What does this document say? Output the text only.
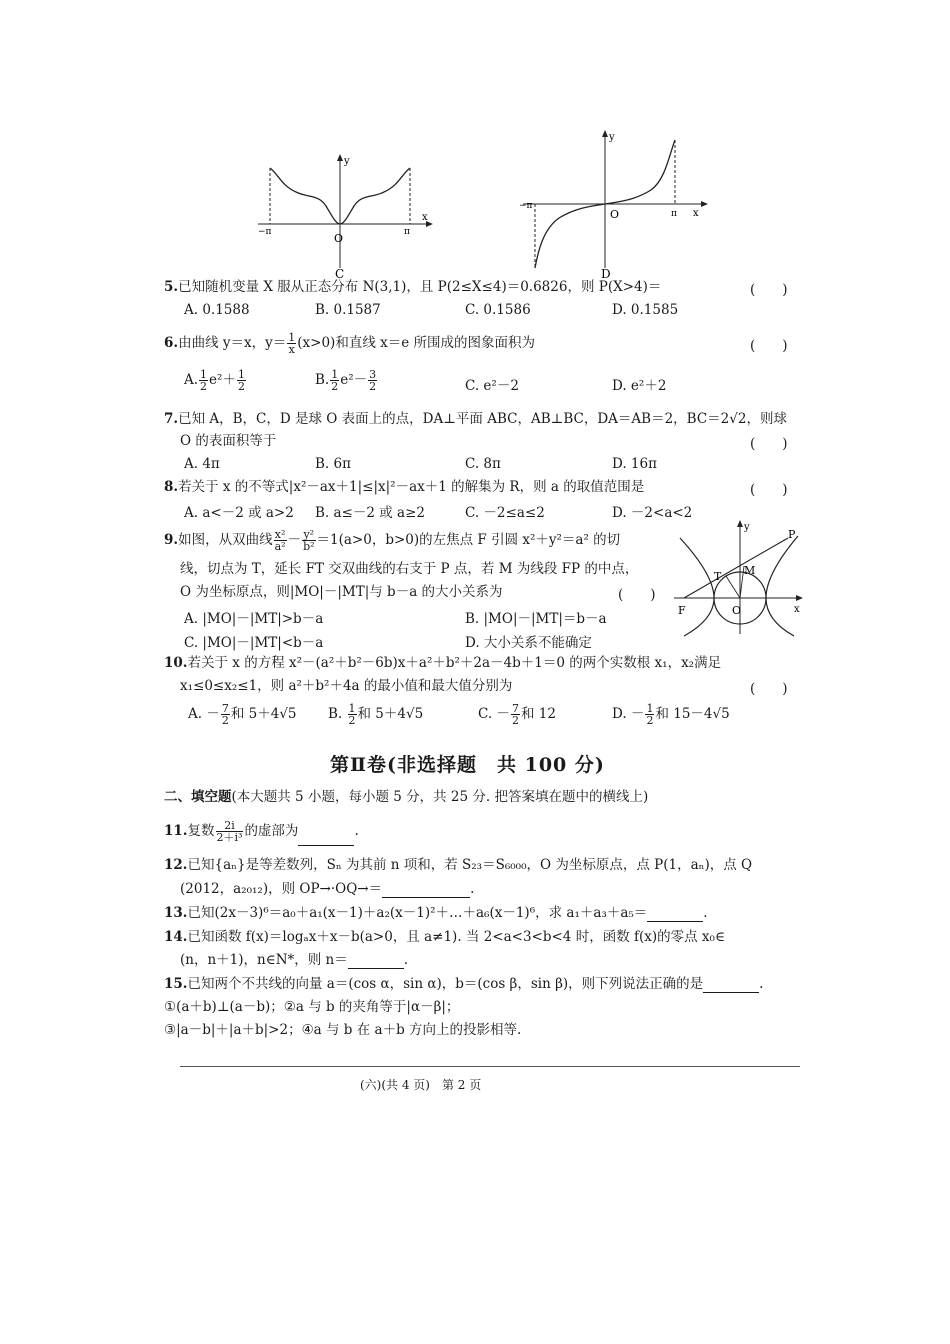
y
x
O
−π	π
C
y
x
O
−π
π
D
5.已知随机变量 X 服从正态分布 N(3,1)，且 P(2≤X≤4)＝0.6826，则 P(X>4)＝	(　　)
A. 0.1588	B. 0.1587	C. 0.1586	D. 0.1585
6.由曲线 y＝x，$y= \frac{1}{x} (x>0)$和直线 x＝e 所围成的图象面积为	(　　)
A. $\frac{1}{2} e^2+ \frac{1}{2}$	B. $\frac{1}{2} e^2- \frac{3}{2}$	C. e²－2	D. e²＋2
7.已知 A，B，C，D 是球 O 表面上的点，DA⊥平面 ABC，AB⊥BC，DA＝AB＝2，BC＝2√2，则球
O 的表面积等于	(　　)
A. 4π	B. 6π	C. 8π	D. 16π
8.若关于 x 的不等式|x²－ax＋1|≤|x|²－ax＋1 的解集为 R，则 a 的取值范围是	(　　)
A. a<－2 或 a>2 B. a≤－2 或 a≥2	C. －2≤a≤2	D. －2<a<2
9.如图，从双曲线 $\frac{\text{x²}}{\text{a²}} - \frac{\text{y²}}{\text{b²}} =1(a>0$，b>0)的左焦点 F 引圆 x²＋y²＝a² 的切
线，切点为 T，延长 FT 交双曲线的右支于 P 点，若 M 为线段 FP 的中点，
O 为坐标原点，则|MO|－|MT|与 b－a 的大小关系为	(　　)
A. |MO|－|MT|>b－a	B. |MO|－|MT|＝b－a
C. |MO|－|MT|<b－a	D. 大小关系不能确定
y
x
P
T M
F	O
10.若关于 x 的方程 x²－(a²＋b²－6b)x＋a²＋b²＋2a－4b＋1＝0 的两个实数根 x₁，x₂满足
x₁≤0≤x₂≤1，则 a²＋b²＋4a 的最小值和最大值分别为	(　　)
A. － $\frac{7}{2}$ 和 5＋4√5 B. $\frac{1}{2}$ 和 5＋4√5	C. － $\frac{7}{2}$ 和 12	D. － $\frac{1}{2}$ 和 15－4√5
第Ⅱ卷(非选择题　共 100 分)
二、填空题(本大题共 5 小题，每小题 5 分，共 25 分. 把答案填在题中的横线上)
11.复数 $\frac{2i}{\text{2＋i³}}$ 的虚部为	.
12.已知{aₙ}是等差数列，Sₙ 为其前 n 项和，若 S₂₃＝S₆₀₀₀，O 为坐标原点，点 P(1，aₙ)，点 Q
(2012，a₂₀₁₂)，则 OP→·OQ→＝	.
13.已知(2x－3)⁶＝a₀＋a₁(x－1)＋a₂(x－1)²＋…＋a₆(x－1)⁶，求 a₁＋a₃＋a₅＝	.
14.已知函数 f(x)＝logₐx＋x－b(a>0，且 a≠1). 当 2<a<3<b<4 时，函数 f(x)的零点 x₀∈
(n，n＋1)，n∈N*，则 n＝	.
15.已知两个不共线的向量 a＝(cos α，sin α)，b＝(cos β，sin β)，则下列说法正确的是	.
①(a＋b)⊥(a－b)；②a 与 b 的夹角等于|α－β|；
③|a－b|＋|a＋b|>2；④a 与 b 在 a＋b 方向上的投影相等.
(六)(共 4 页)　第 2 页
